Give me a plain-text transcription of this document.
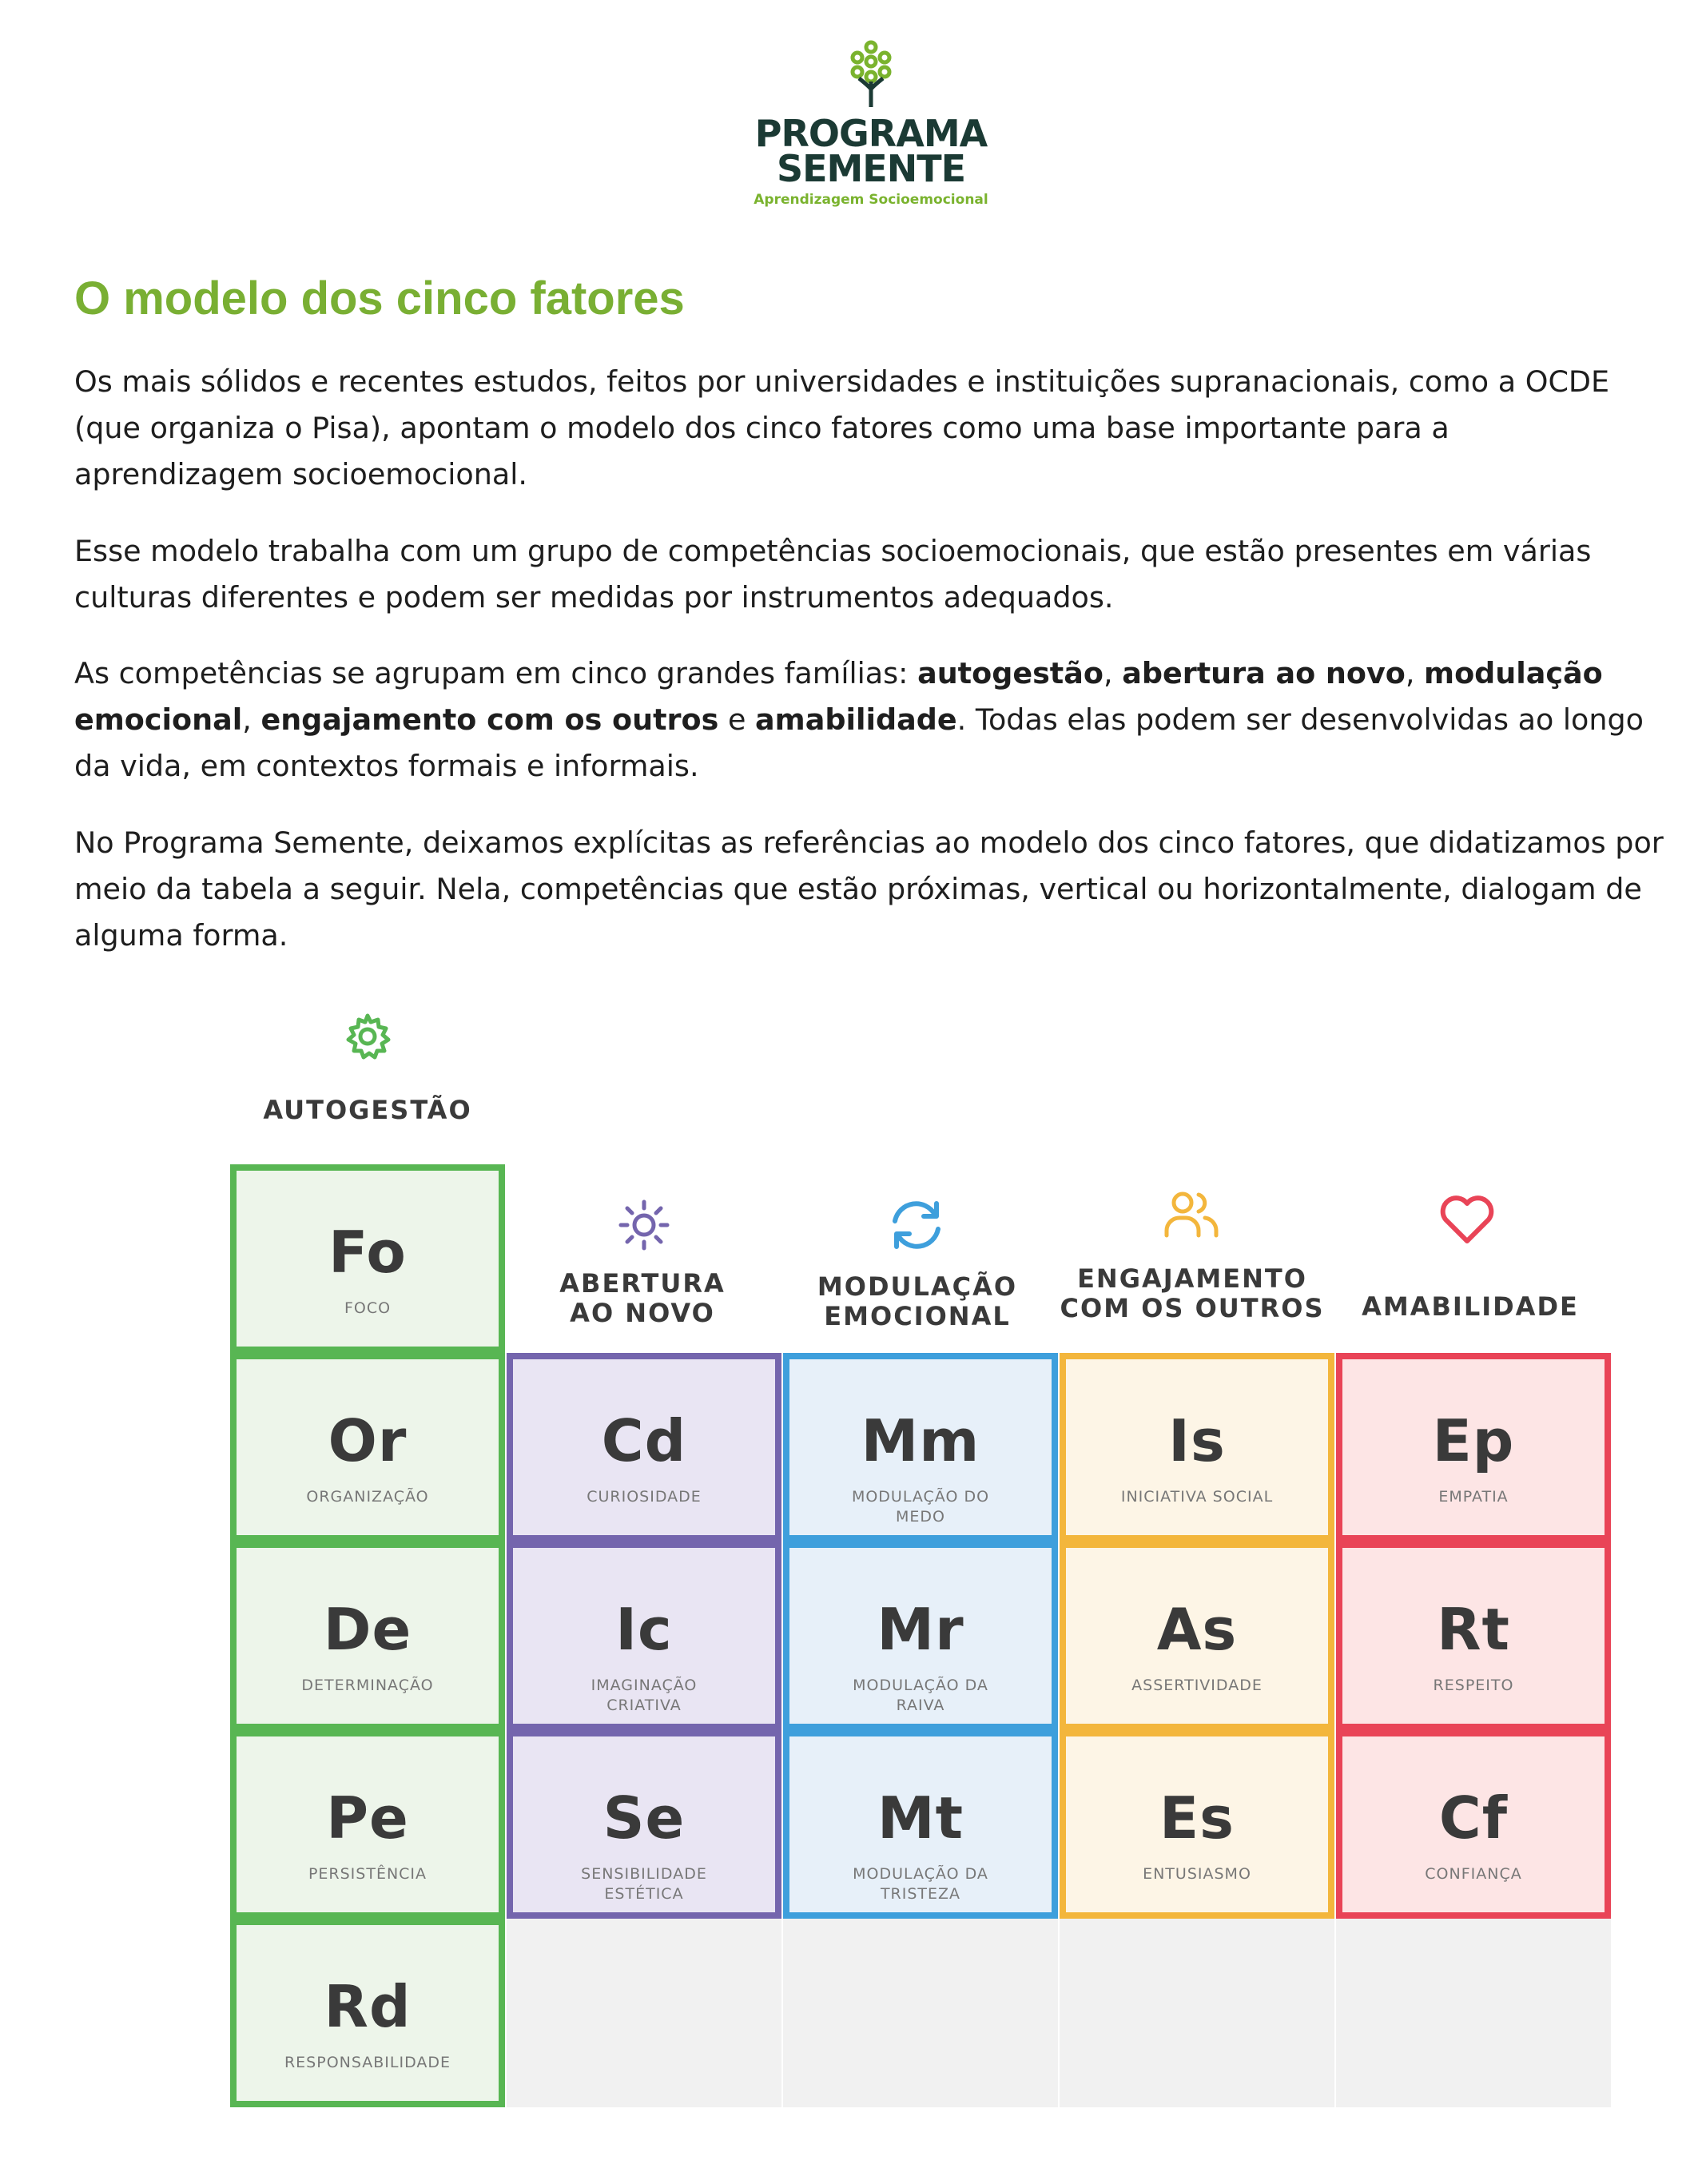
PROGRAMA
SEMENTE
Aprendizagem Socioemocional
O modelo dos cinco fatores

Os mais sólidos e recentes estudos, feitos por universidades e instituições supranacionais, como a OCDE (que organiza o Pisa), apontam o modelo dos cinco fatores como uma base importante para a aprendizagem socioemocional.

Esse modelo trabalha com um grupo de competências socioemocionais, que estão presentes em várias culturas diferentes e podem ser medidas por instrumentos adequados.

As competências se agrupam em cinco grandes famílias: autogestão, abertura ao novo, modulação emocional, engajamento com os outros e amabilidade. Todas elas podem ser desenvolvidas ao longo da vida, em contextos formais e informais.

No Programa Semente, deixamos explícitas as referências ao modelo dos cinco fatores, que didatizamos por meio da tabela a seguir. Nela, competências que estão próximas, vertical ou horizontalmente, dialogam de alguma forma.

AUTOGESTÃO
ABERTURA
AO NOVO
MODULAÇÃO
EMOCIONAL
ENGAJAMENTO
COM OS OUTROS	AMABILIDADE
Fo
FOCO
Or
ORGANIZAÇÃO
De
DETERMINAÇÃO
Pe
PERSISTÊNCIA
Rd
RESPONSABILIDADE
Cd
CURIOSIDADE
Ic
IMAGINAÇÃO
CRIATIVA
Se
SENSIBILIDADE
ESTÉTICA
Mm
MODULAÇÃO DO
MEDO
Mr
MODULAÇÃO DA
RAIVA
Mt
MODULAÇÃO DA
TRISTEZA
Is
INICIATIVA SOCIAL
As
ASSERTIVIDADE
Es
ENTUSIASMO
Ep
EMPATIA
Rt
RESPEITO
Cf
CONFIANÇA
